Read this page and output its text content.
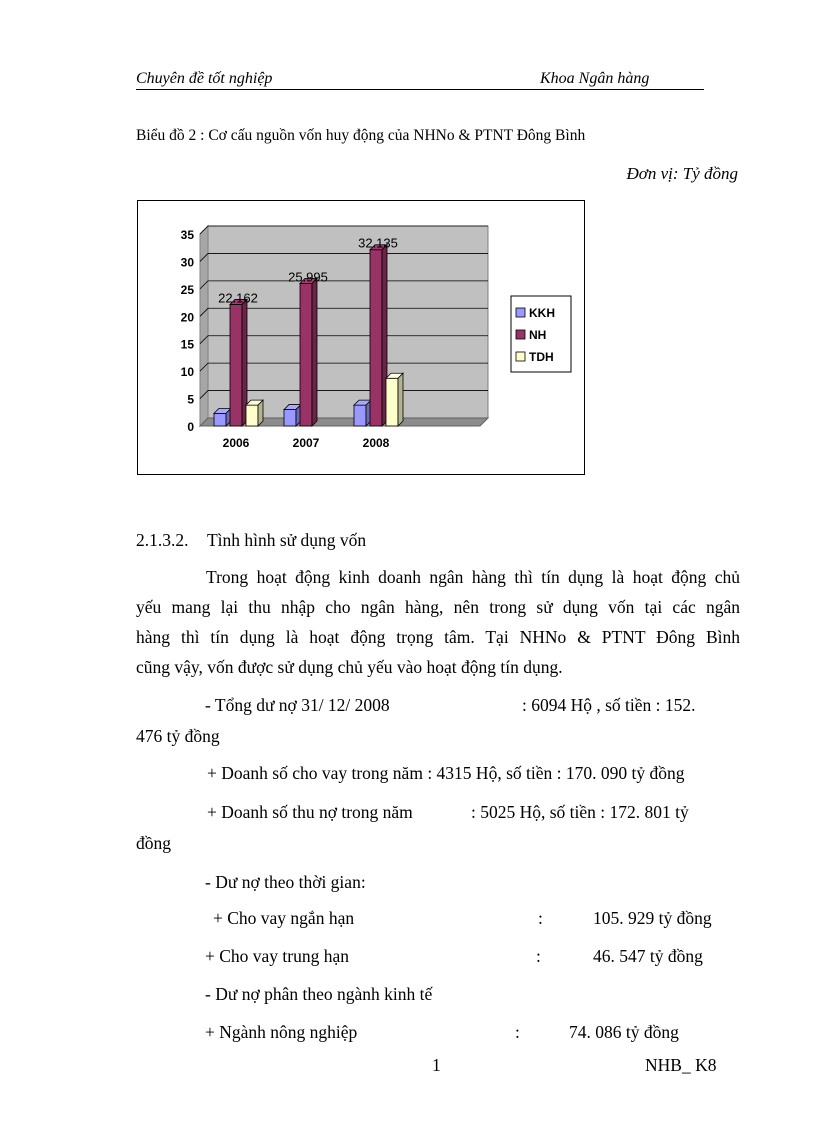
Chuyên đề tốt nghiệp	Khoa Ngân hàng
Biểu đồ 2 : Cơ cấu nguồn vốn huy động của NHNo & PTNT Đông Bình
Đơn vị: Tỷ đồng
0
5
10
15
20
25
30
35
22.162
2006
25.995
2007
32.135
2008
KKH
NH
TDH
2.1.3.2. Tình hình sử dụng vốn
Trong hoạt động kinh doanh ngân hàng thì tín dụng là hoạt động chủ
yếu mang lại thu nhập cho ngân hàng, nên trong sử dụng vốn tại các ngân
hàng thì tín dụng là hoạt động trọng tâm. Tại NHNo & PTNT Đông Bình
cũng vậy, vốn được sử dụng chủ yếu vào hoạt động tín dụng.
- Tổng dư nợ 31/ 12/ 2008	: 6094 Hộ , số tiền : 152.
476 tỷ đồng
+ Doanh số cho vay trong năm : 4315 Hộ, số tiền : 170. 090 tỷ đồng
+ Doanh số thu nợ trong năm	: 5025 Hộ, số tiền : 172. 801 tỷ
đồng
- Dư nợ theo thời gian:
+ Cho vay ngắn hạn	:	105. 929 tỷ đồng
+ Cho vay trung hạn	:	46. 547 tỷ đồng
- Dư nợ phân theo ngành kinh tế
+ Ngành nông nghiệp	:	74. 086 tỷ đồng
1	NHB_ K8
